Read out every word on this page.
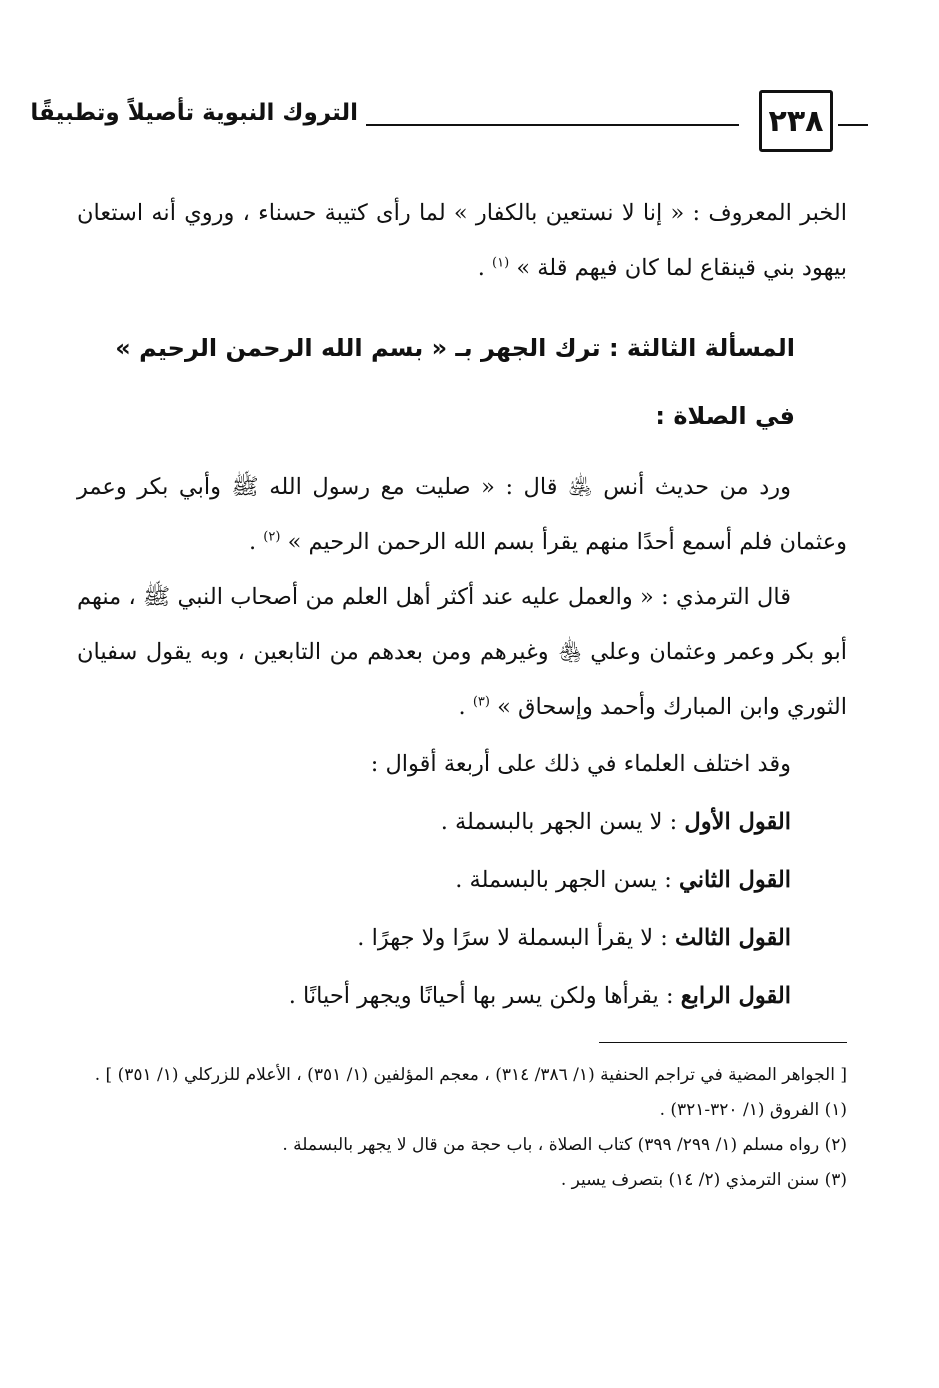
٢٣٨
التروك النبوية تأصيلاً وتطبيقًا

الخبر المعروف : « إنا لا نستعين بالكفار » لما رأى كتيبة حسناء ، وروي أنه استعان بيهود بني قينقاع لما كان فيهم قلة » $^{(١)}$ .

المسألة الثالثة : ترك الجهر بـ « بسم الله الرحمن الرحيم » في الصلاة :

ورد من حديث أنس ﵁ قال : « صليت مع رسول الله ﷺ وأبي بكر وعمر وعثمان فلم أسمع أحدًا منهم يقرأ بسم الله الرحمن الرحيم » $^{(٢)}$ .

قال الترمذي : « والعمل عليه عند أكثر أهل العلم من أصحاب النبي ﷺ ، منهم أبو بكر وعمر وعثمان وعلي ﵃ وغيرهم ومن بعدهم من التابعين ، وبه يقول سفيان الثوري وابن المبارك وأحمد وإسحاق » $^{(٣)}$ .

وقد اختلف العلماء في ذلك على أربعة أقوال :

القول الأول : لا يسن الجهر بالبسملة .

القول الثاني : يسن الجهر بالبسملة .

القول الثالث : لا يقرأ البسملة لا سرًا ولا جهرًا .

القول الرابع : يقرأها ولكن يسر بها أحيانًا ويجهر أحيانًا .

[ الجواهر المضية في تراجم الحنفية (١/ ٣٨٦/ ٣١٤) ، معجم المؤلفين (١/ ٣٥١) ، الأعلام للزركلي (١/ ٣٥١) ] .

(١) الفروق (١/ ٣٢٠-٣٢١) .

(٢) رواه مسلم (١/ ٢٩٩/ ٣٩٩) كتاب الصلاة ، باب حجة من قال لا يجهر بالبسملة .

(٣) سنن الترمذي (٢/ ١٤) بتصرف يسير .
